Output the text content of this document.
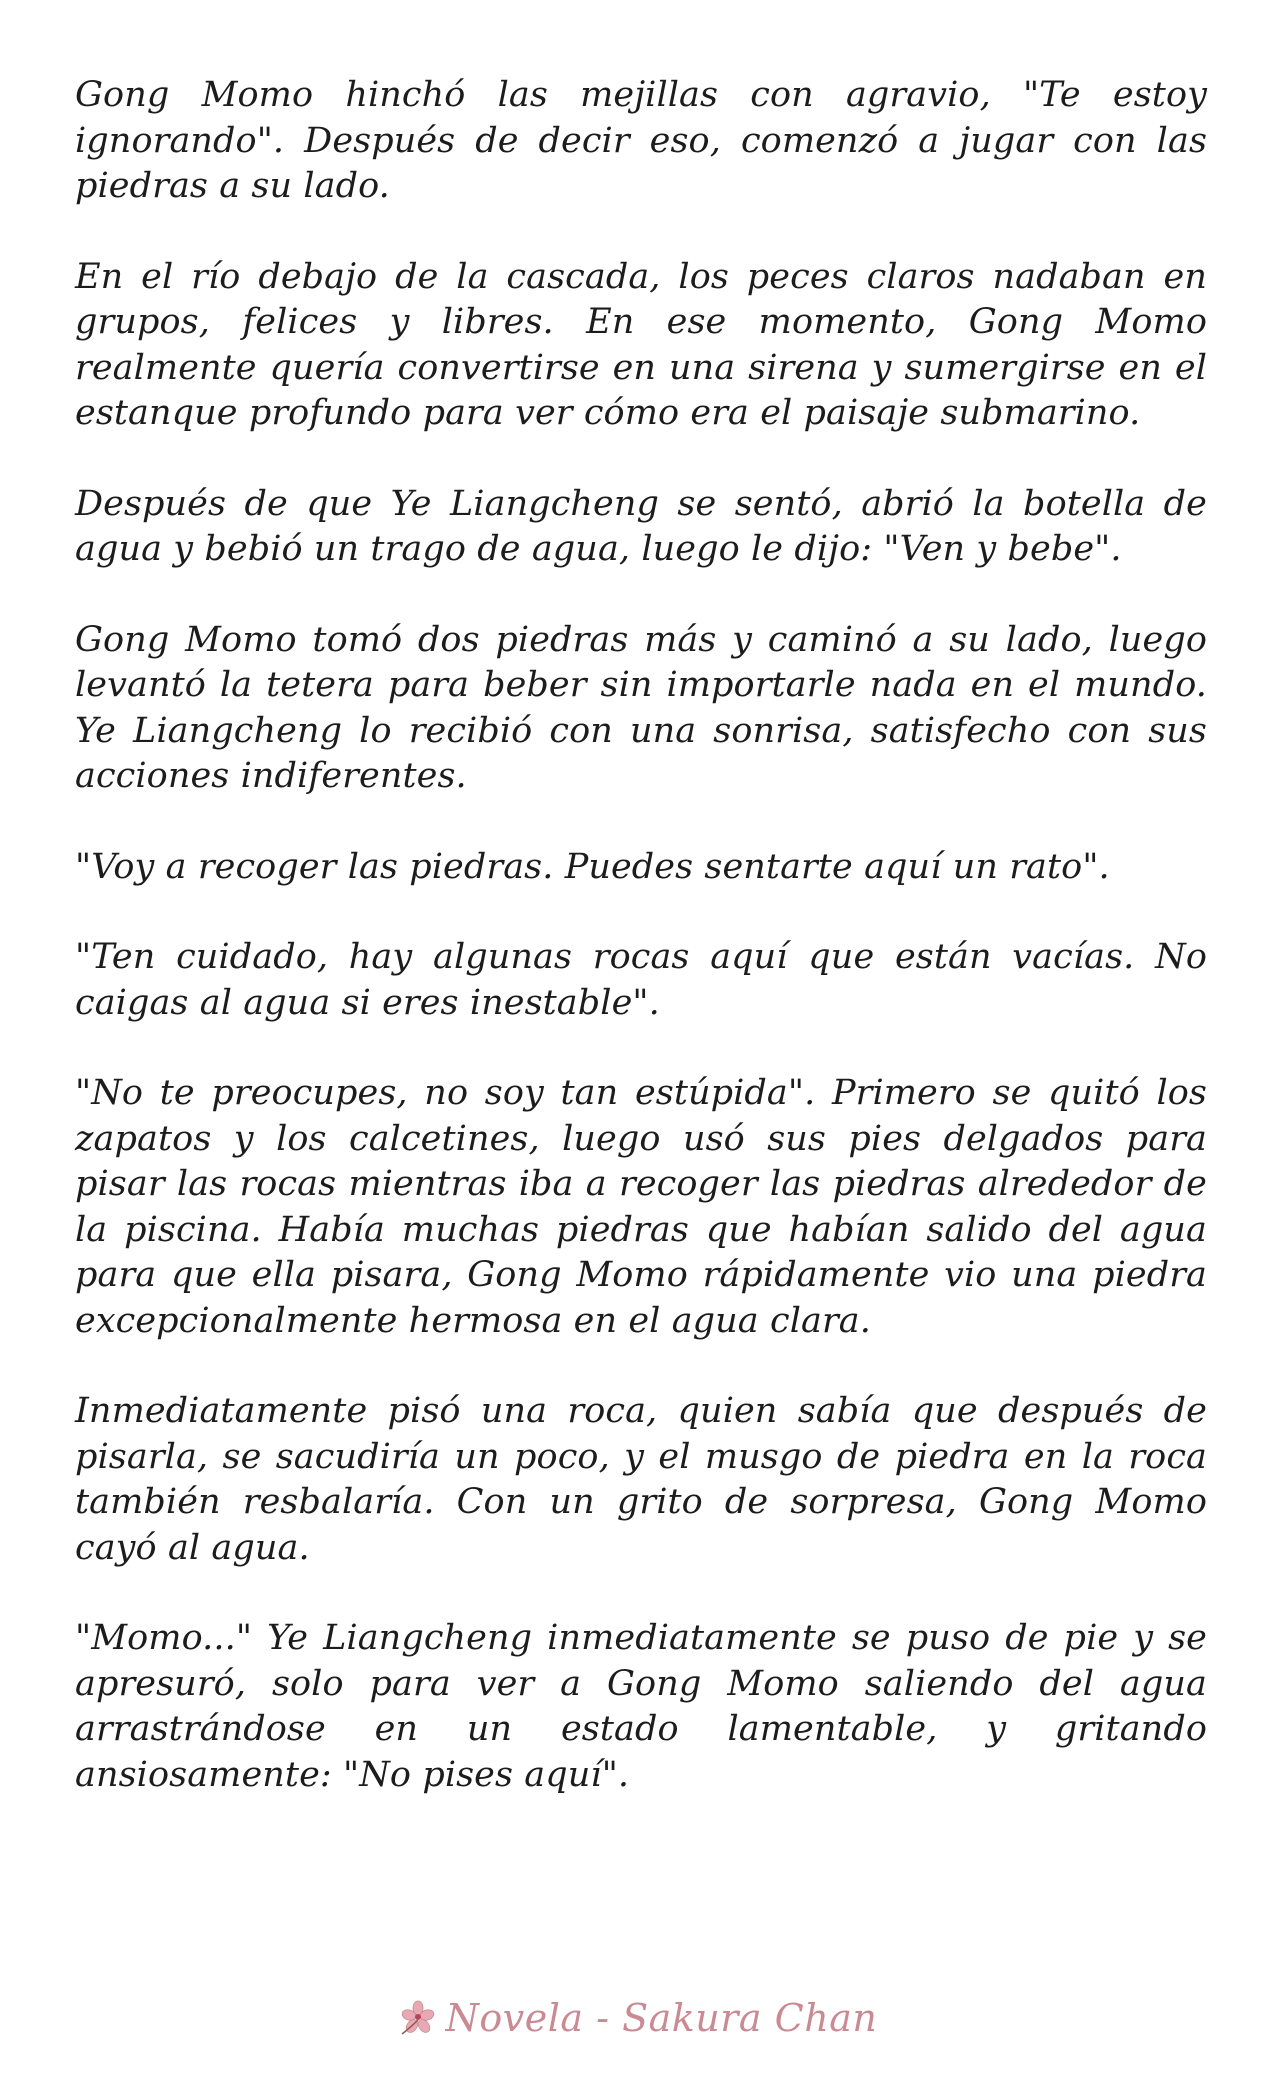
Gong Momo hinchó las mejillas con agravio, "Te estoy ignorando". Después de decir eso, comenzó a jugar con las piedras a su lado.

En el río debajo de la cascada, los peces claros nadaban en grupos, felices y libres. En ese momento, Gong Momo realmente quería convertirse en una sirena y sumergirse en el estanque profundo para ver cómo era el paisaje submarino.

Después de que Ye Liangcheng se sentó, abrió la botella de agua y bebió un trago de agua, luego le dijo: "Ven y bebe".

Gong Momo tomó dos piedras más y caminó a su lado, luego levantó la tetera para beber sin importarle nada en el mundo. Ye Liangcheng lo recibió con una sonrisa, satisfecho con sus acciones indiferentes.

"Voy a recoger las piedras. Puedes sentarte aquí un rato".

"Ten cuidado, hay algunas rocas aquí que están vacías. No caigas al agua si eres inestable".

"No te preocupes, no soy tan estúpida". Primero se quitó los zapatos y los calcetines, luego usó sus pies delgados para pisar las rocas mientras iba a recoger las piedras alrededor de la piscina. Había muchas piedras que habían salido del agua para que ella pisara, Gong Momo rápidamente vio una piedra excepcionalmente hermosa en el agua clara.

Inmediatamente pisó una roca, quien sabía que después de pisarla, se sacudiría un poco, y el musgo de piedra en la roca también resbalaría. Con un grito de sorpresa, Gong Momo cayó al agua.

"Momo..." Ye Liangcheng inmediatamente se puso de pie y se apresuró, solo para ver a Gong Momo saliendo del agua arrastrándose en un estado lamentable, y gritando ansiosamente: "No pises aquí".

Novela - Sakura Chan
